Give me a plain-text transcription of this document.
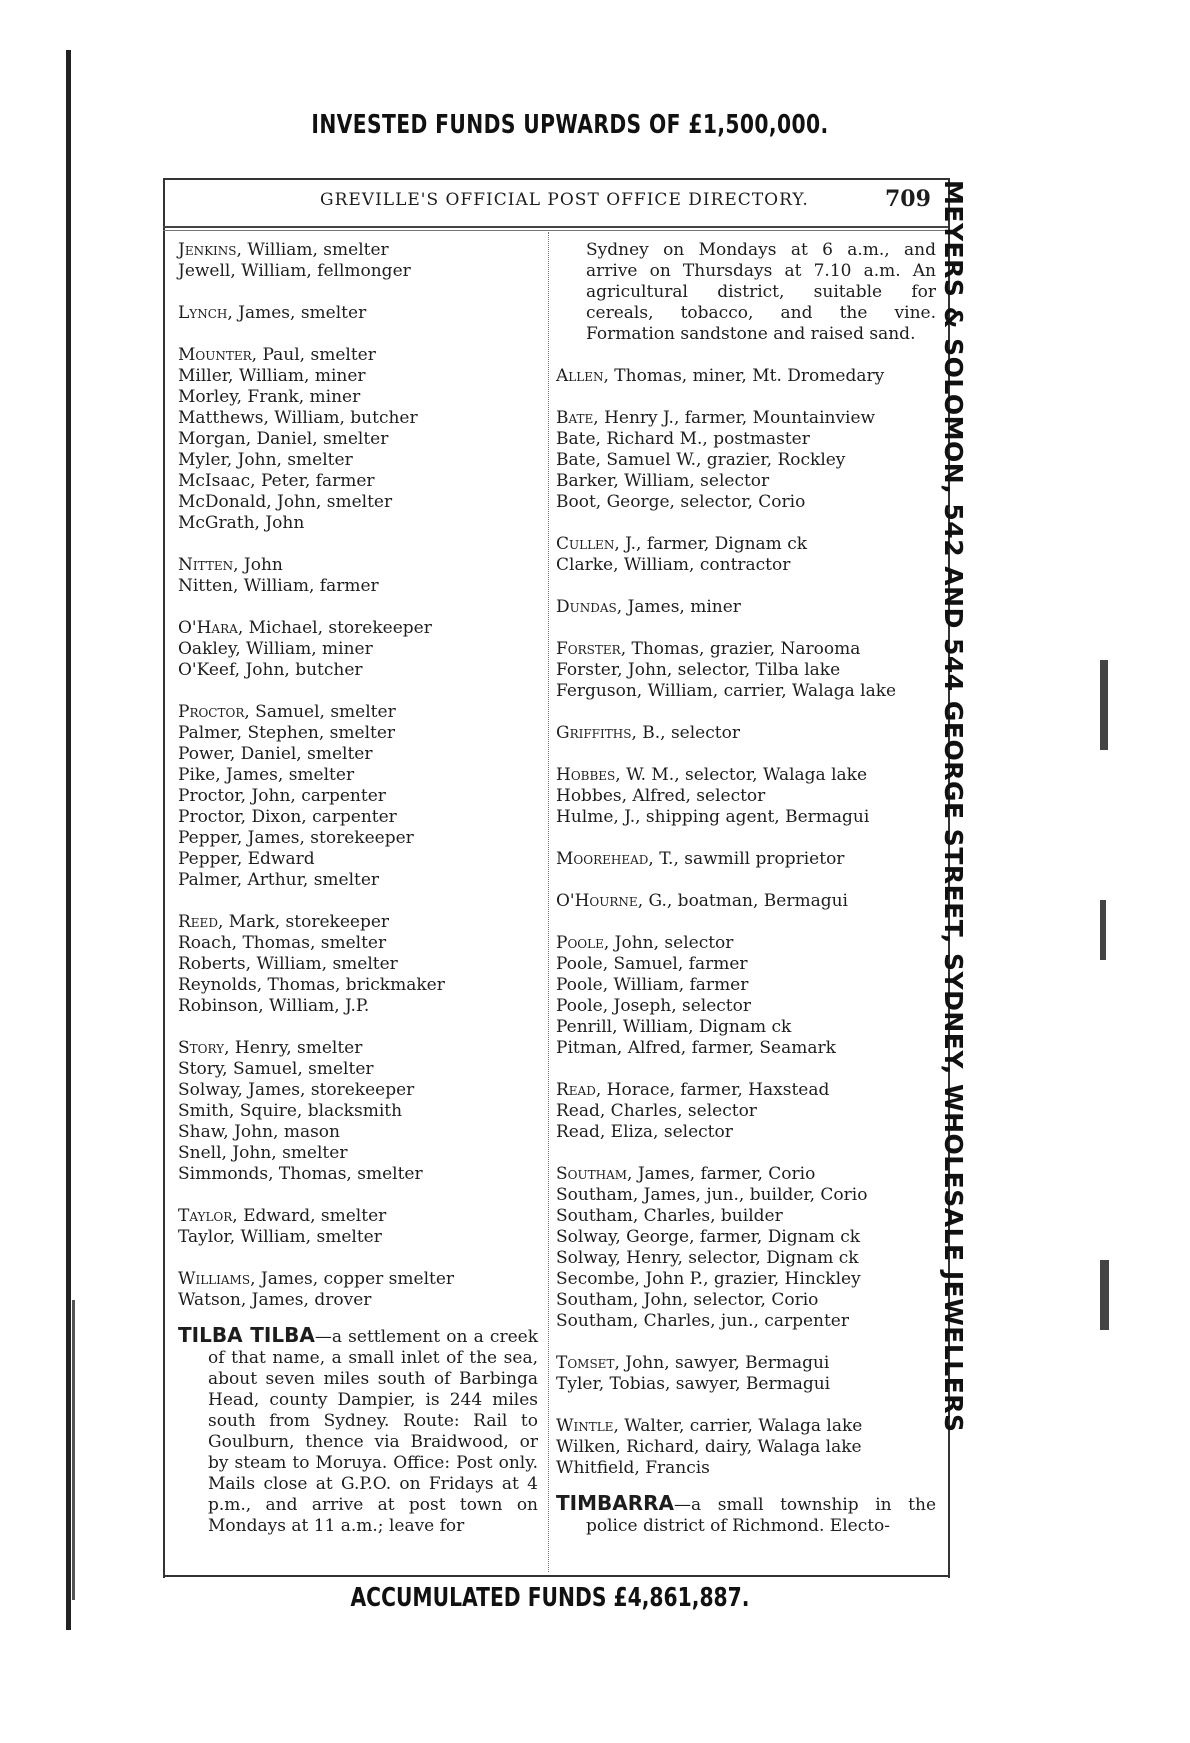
INVESTED FUNDS UPWARDS OF £1,500,000.
GREVILLE'S OFFICIAL POST OFFICE DIRECTORY.	709
Jenkins, William, smelter
Jewell, William, fellmonger
Lynch, James, smelter
Mounter, Paul, smelter
Miller, William, miner
Morley, Frank, miner
Matthews, William, butcher
Morgan, Daniel, smelter
Myler, John, smelter
McIsaac, Peter, farmer
McDonald, John, smelter
McGrath, John
Nitten, John
Nitten, William, farmer
O'Hara, Michael, storekeeper
Oakley, William, miner
O'Keef, John, butcher
Proctor, Samuel, smelter
Palmer, Stephen, smelter
Power, Daniel, smelter
Pike, James, smelter
Proctor, John, carpenter
Proctor, Dixon, carpenter
Pepper, James, storekeeper
Pepper, Edward
Palmer, Arthur, smelter
Reed, Mark, storekeeper
Roach, Thomas, smelter
Roberts, William, smelter
Reynolds, Thomas, brickmaker
Robinson, William, J.P.
Story, Henry, smelter
Story, Samuel, smelter
Solway, James, storekeeper
Smith, Squire, blacksmith
Shaw, John, mason
Snell, John, smelter
Simmonds, Thomas, smelter
Taylor, Edward, smelter
Taylor, William, smelter
Williams, James, copper smelter
Watson, James, drover
TILBA TILBA—a settlement on a creek of that name, a small inlet of the sea, about seven miles south of Barbinga Head, county Dampier, is 244 miles south from Sydney. Route: Rail to Goulburn, thence via Braidwood, or by steam to Moruya. Office: Post only. Mails close at G.P.O. on Fridays at 4 p.m., and arrive at post town on Mondays at 11 a.m.; leave for
Sydney on Mondays at 6 a.m., and arrive on Thursdays at 7.10 a.m. An agricultural district, suitable for cereals, tobacco, and the vine. Formation sandstone and raised sand.
Allen, Thomas, miner, Mt. Dromedary
Bate, Henry J., farmer, Mountainview
Bate, Richard M., postmaster
Bate, Samuel W., grazier, Rockley
Barker, William, selector
Boot, George, selector, Corio
Cullen, J., farmer, Dignam ck
Clarke, William, contractor
Dundas, James, miner
Forster, Thomas, grazier, Narooma
Forster, John, selector, Tilba lake
Ferguson, William, carrier, Walaga lake
Griffiths, B., selector
Hobbes, W. M., selector, Walaga lake
Hobbes, Alfred, selector
Hulme, J., shipping agent, Bermagui
Moorehead, T., sawmill proprietor
O'Hourne, G., boatman, Bermagui
Poole, John, selector
Poole, Samuel, farmer
Poole, William, farmer
Poole, Joseph, selector
Penrill, William, Dignam ck
Pitman, Alfred, farmer, Seamark
Read, Horace, farmer, Haxstead
Read, Charles, selector
Read, Eliza, selector
Southam, James, farmer, Corio
Southam, James, jun., builder, Corio
Southam, Charles, builder
Solway, George, farmer, Dignam ck
Solway, Henry, selector, Dignam ck
Secombe, John P., grazier, Hinckley
Southam, John, selector, Corio
Southam, Charles, jun., carpenter
Tomset, John, sawyer, Bermagui
Tyler, Tobias, sawyer, Bermagui
Wintle, Walter, carrier, Walaga lake
Wilken, Richard, dairy, Walaga lake
Whitfield, Francis
TIMBARRA—a small township in the police district of Richmond. Electo-
ACCUMULATED FUNDS £4,861,887.
MEYERS & SOLOMON, 542 AND 544 GEORGE STREET, SYDNEY, WHOLESALE JEWELLERS
